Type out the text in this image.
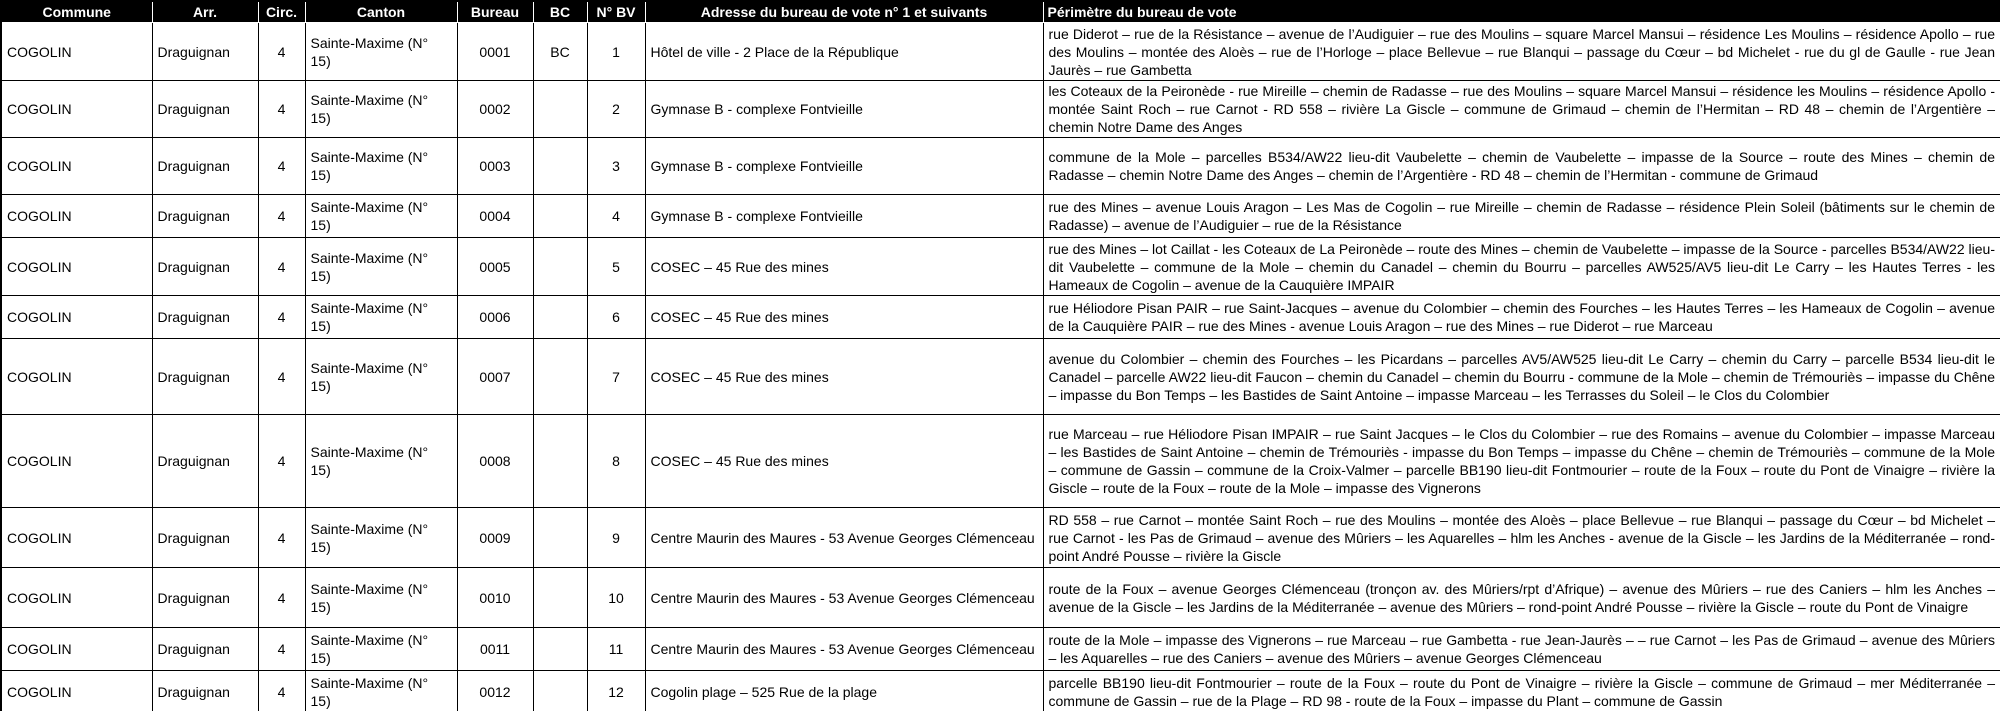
Commune	Arr.	Circ.	Canton	Bureau	BC	N° BV	Adresse du bureau de vote n° 1 et suivants	Périmètre du bureau de vote
COGOLIN	Draguignan	4	Sainte-Maxime (N° 15)	0001	BC	1	Hôtel de ville - 2 Place de la République	rue Diderot – rue de la Résistance – avenue de l’Audiguier – rue des Moulins – square Marcel Mansui – résidence Les Moulins – résidence Apollo – rue des Moulins – montée des Aloès – rue de l’Horloge – place Bellevue – rue Blanqui – passage du Cœur – bd Michelet - rue du gl de Gaulle - rue Jean Jaurès – rue Gambetta
COGOLIN	Draguignan	4	Sainte-Maxime (N° 15)	0002		2	Gymnase B - complexe Fontvieille	les Coteaux de la Peironède - rue Mireille – chemin de Radasse – rue des Moulins – square Marcel Mansui – résidence les Moulins – résidence Apollo - montée Saint Roch – rue Carnot - RD 558 – rivière La Giscle – commune de Grimaud – chemin de l’Hermitan – RD 48 – chemin de l’Argentière – chemin Notre Dame des Anges
COGOLIN	Draguignan	4	Sainte-Maxime (N° 15)	0003		3	Gymnase B - complexe Fontvieille	commune de la Mole – parcelles B534/AW22 lieu-dit Vaubelette – chemin de Vaubelette – impasse de la Source – route des Mines – chemin de Radasse – chemin Notre Dame des Anges – chemin de l’Argentière - RD 48 – chemin de l’Hermitan - commune de Grimaud
COGOLIN	Draguignan	4	Sainte-Maxime (N° 15)	0004		4	Gymnase B - complexe Fontvieille	rue des Mines – avenue Louis Aragon – Les Mas de Cogolin – rue Mireille – chemin de Radasse – résidence Plein Soleil (bâtiments sur le chemin de Radasse) – avenue de l’Audiguier – rue de la Résistance
COGOLIN	Draguignan	4	Sainte-Maxime (N° 15)	0005		5	COSEC – 45 Rue des mines	rue des Mines – lot Caillat - les Coteaux de La Peironède – route des Mines – chemin de Vaubelette – impasse de la Source - parcelles B534/AW22 lieu-dit Vaubelette – commune de la Mole – chemin du Canadel – chemin du Bourru – parcelles AW525/AV5 lieu-dit Le Carry – les Hautes Terres - les Hameaux de Cogolin – avenue de la Cauquière IMPAIR
COGOLIN	Draguignan	4	Sainte-Maxime (N° 15)	0006		6	COSEC – 45 Rue des mines	rue Héliodore Pisan PAIR – rue Saint-Jacques – avenue du Colombier – chemin des Fourches – les Hautes Terres – les Hameaux de Cogolin – avenue de la Cauquière PAIR – rue des Mines - avenue Louis Aragon – rue des Mines – rue Diderot – rue Marceau
COGOLIN	Draguignan	4	Sainte-Maxime (N° 15)	0007		7	COSEC – 45 Rue des mines	avenue du Colombier – chemin des Fourches – les Picardans – parcelles AV5/AW525 lieu-dit Le Carry – chemin du Carry – parcelle B534 lieu-dit le Canadel – parcelle AW22 lieu-dit Faucon – chemin du Canadel – chemin du Bourru - commune de la Mole – chemin de Trémouriès – impasse du Chêne – impasse du Bon Temps – les Bastides de Saint Antoine – impasse Marceau – les Terrasses du Soleil – le Clos du Colombier
COGOLIN	Draguignan	4	Sainte-Maxime (N° 15)	0008		8	COSEC – 45 Rue des mines	rue Marceau – rue Héliodore Pisan IMPAIR – rue Saint Jacques – le Clos du Colombier – rue des Romains – avenue du Colombier – impasse Marceau – les Bastides de Saint Antoine – chemin de Trémouriès - impasse du Bon Temps – impasse du Chêne – chemin de Trémouriès – commune de la Mole – commune de Gassin – commune de la Croix-Valmer – parcelle BB190 lieu-dit Fontmourier – route de la Foux – route du Pont de Vinaigre – rivière la Giscle – route de la Foux – route de la Mole – impasse des Vignerons
COGOLIN	Draguignan	4	Sainte-Maxime (N° 15)	0009		9	Centre Maurin des Maures - 53 Avenue Georges Clémenceau	RD 558 – rue Carnot – montée Saint Roch – rue des Moulins – montée des Aloès – place Bellevue – rue Blanqui – passage du Cœur – bd Michelet – rue Carnot - les Pas de Grimaud – avenue des Mûriers – les Aquarelles – hlm les Anches - avenue de la Giscle – les Jardins de la Méditerranée – rond-point André Pousse – rivière la Giscle
COGOLIN	Draguignan	4	Sainte-Maxime (N° 15)	0010		10	Centre Maurin des Maures - 53 Avenue Georges Clémenceau	route de la Foux – avenue Georges Clémenceau (tronçon av. des Mûriers/rpt d’Afrique) – avenue des Mûriers – rue des Caniers – hlm les Anches – avenue de la Giscle – les Jardins de la Méditerranée – avenue des Mûriers – rond-point André Pousse – rivière la Giscle – route du Pont de Vinaigre
COGOLIN	Draguignan	4	Sainte-Maxime (N° 15)	0011		11	Centre Maurin des Maures - 53 Avenue Georges Clémenceau	route de la Mole – impasse des Vignerons – rue Marceau – rue Gambetta - rue Jean-Jaurès – – rue Carnot – les Pas de Grimaud – avenue des Mûriers – les Aquarelles – rue des Caniers – avenue des Mûriers – avenue Georges Clémenceau
COGOLIN	Draguignan	4	Sainte-Maxime (N° 15)	0012		12	Cogolin plage – 525 Rue de la plage	parcelle BB190 lieu-dit Fontmourier – route de la Foux – route du Pont de Vinaigre – rivière la Giscle – commune de Grimaud – mer Méditerranée – commune de Gassin – rue de la Plage – RD 98 - route de la Foux – impasse du Plant – commune de Gassin
